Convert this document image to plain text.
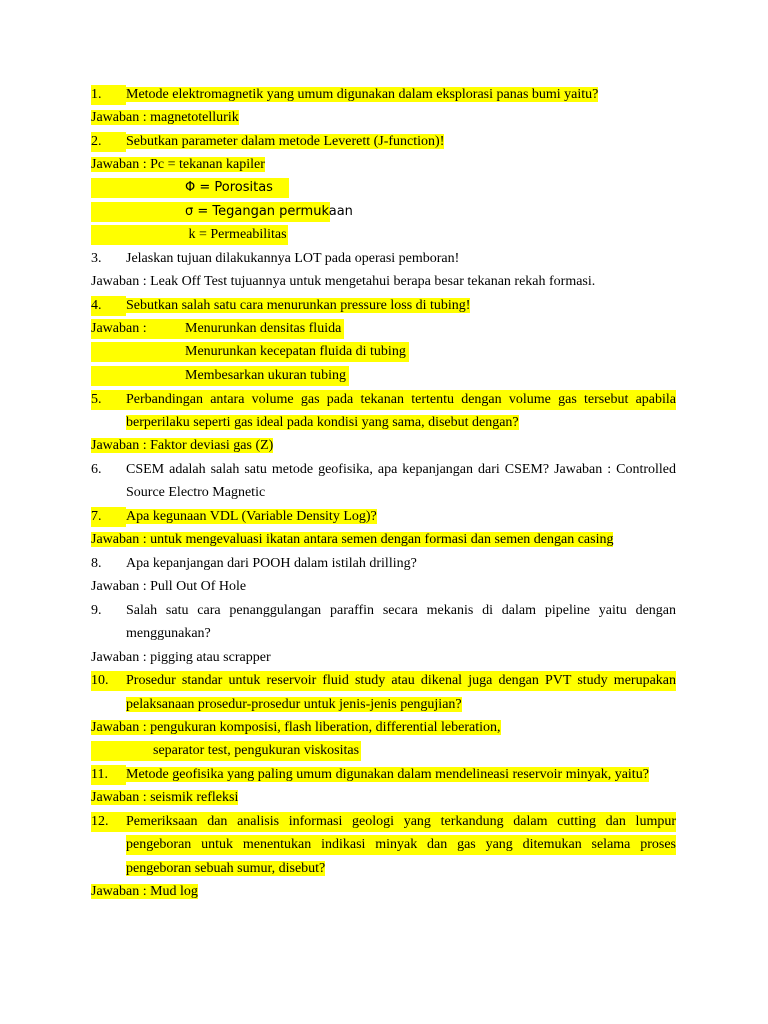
1.	Metode elektromagnetik yang umum digunakan dalam eksplorasi panas bumi yaitu?
Jawaban : magnetotellurik
2.	Sebutkan parameter dalam metode Leverett (J-function)!
Jawaban : Pc = tekanan kapiler
Φ = Porositas
σ = Tegangan permukaan
k = Permeabilitas
3. Jelaskan tujuan dilakukannya LOT pada operasi pemboran!
Jawaban : Leak Off Test tujuannya untuk mengetahui berapa besar tekanan rekah formasi.
4.	Sebutkan salah satu cara menurunkan pressure loss di tubing!
Jawaban :	Menurunkan densitas fluida
Menurunkan kecepatan fluida di tubing
Membesarkan ukuran tubing
5.	Perbandingan antara volume gas pada tekanan tertentu dengan volume gas tersebut apabila
berperilaku seperti gas ideal pada kondisi yang sama, disebut dengan?
Jawaban : Faktor deviasi gas (Z)
6. CSEM adalah salah satu metode geofisika, apa kepanjangan dari CSEM? Jawaban : Controlled
Source Electro Magnetic
7.	Apa kegunaan VDL (Variable Density Log)?
Jawaban : untuk mengevaluasi ikatan antara semen dengan formasi dan semen dengan casing
8. Apa kepanjangan dari POOH dalam istilah drilling?
Jawaban : Pull Out Of Hole
9. Salah satu cara penanggulangan paraffin secara mekanis di dalam pipeline yaitu dengan
menggunakan?
Jawaban : pigging atau scrapper
10.	Prosedur standar untuk reservoir fluid study atau dikenal juga dengan PVT study merupakan
pelaksanaan prosedur-prosedur untuk jenis-jenis pengujian?
Jawaban : pengukuran komposisi, flash liberation, differential leberation,
separator test, pengukuran viskositas
11.	Metode geofisika yang paling umum digunakan dalam mendelineasi reservoir minyak, yaitu?
Jawaban : seismik refleksi
12.	Pemeriksaan dan analisis informasi geologi yang terkandung dalam cutting dan lumpur
pengeboran untuk menentukan indikasi minyak dan gas yang ditemukan selama proses
pengeboran sebuah sumur, disebut?
Jawaban : Mud log
